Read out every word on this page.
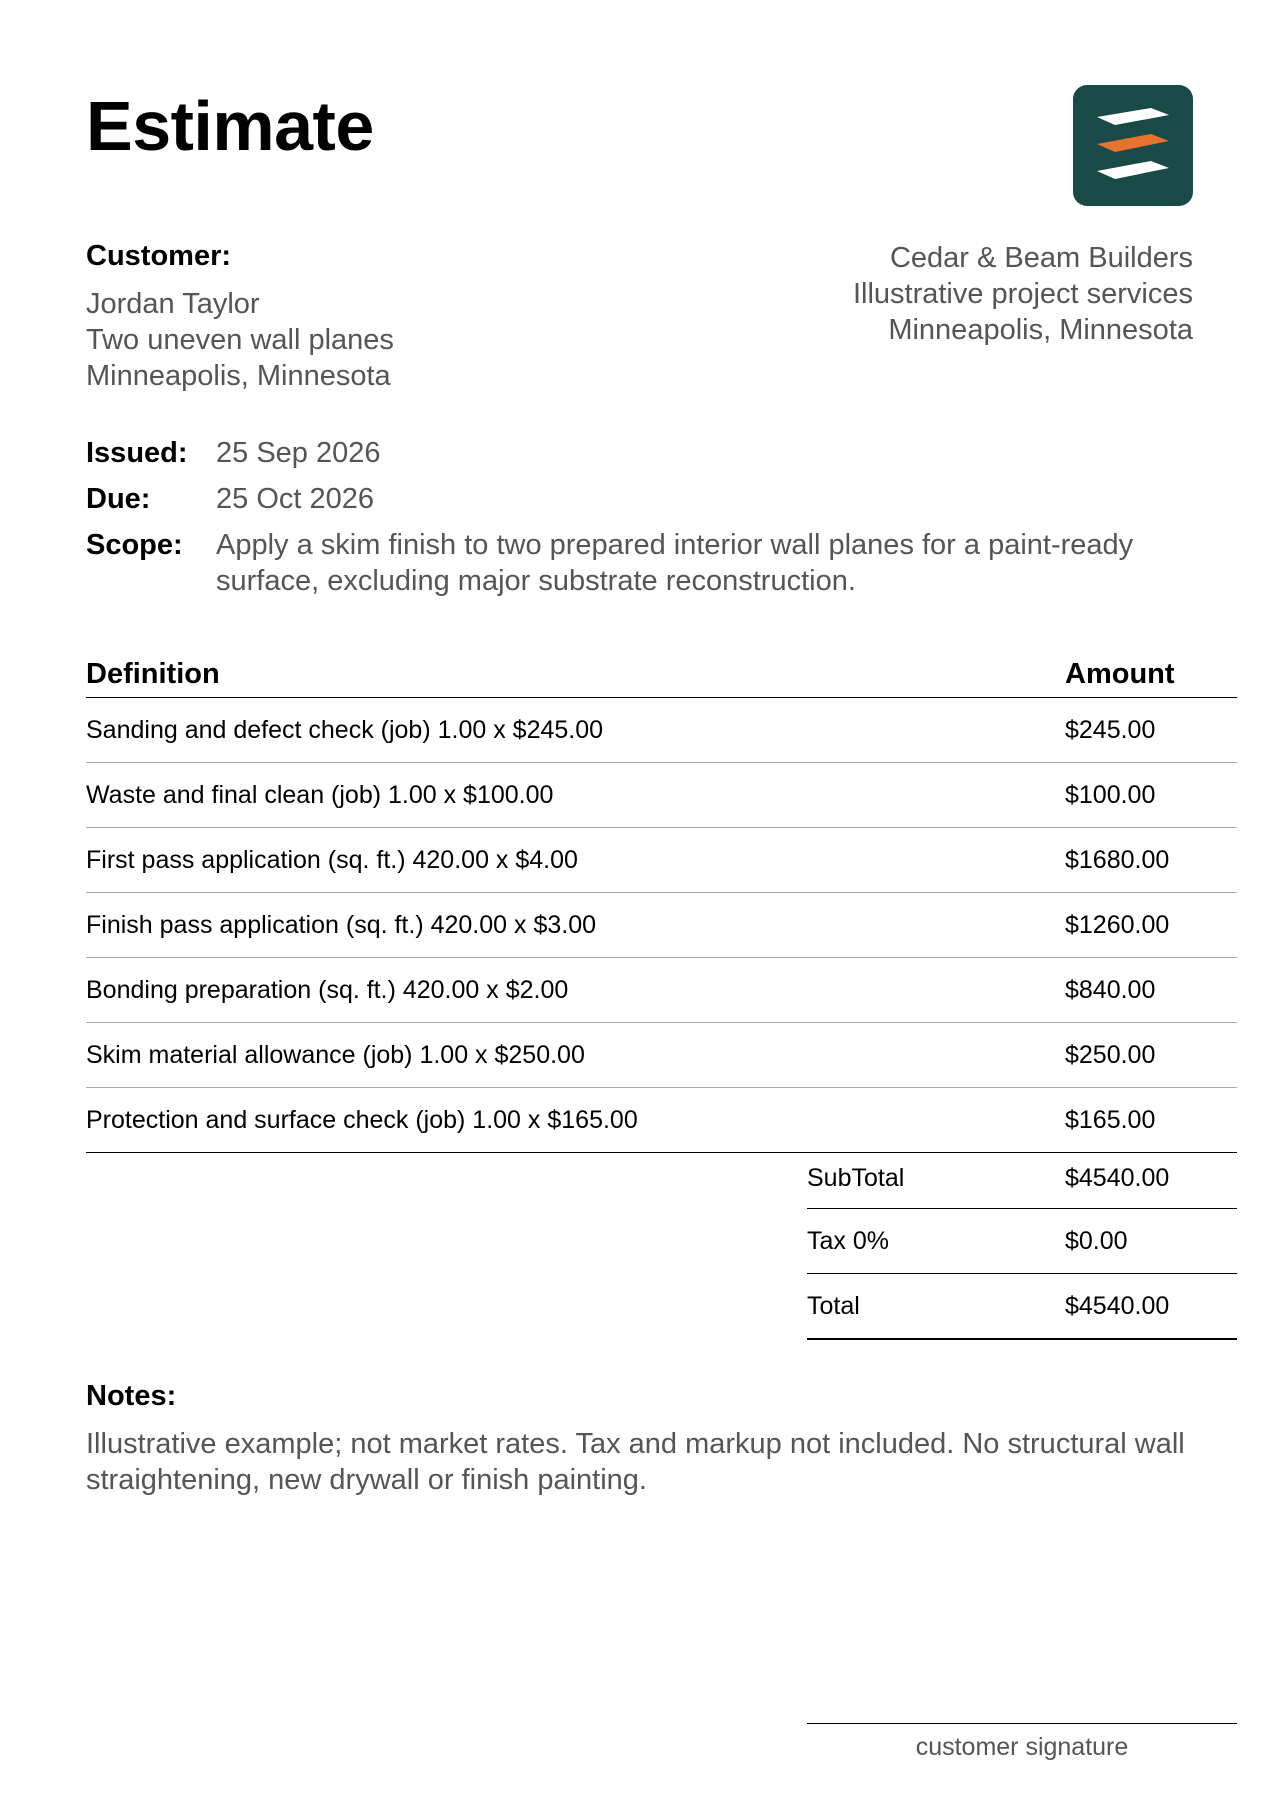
Estimate
Customer:
Jordan Taylor
Two uneven wall planes
Minneapolis, Minnesota
Cedar & Beam Builders
Illustrative project services
Minneapolis, Minnesota
Issued: 25 Sep 2026
Due:	25 Oct 2026
Scope:	Apply a skim finish to two prepared interior wall planes for a paint-ready surface, excluding major substrate reconstruction.
Definition	Amount
Sanding and defect check (job) 1.00 x $245.00	$245.00
Waste and final clean (job) 1.00 x $100.00	$100.00
First pass application (sq. ft.) 420.00 x $4.00	$1680.00
Finish pass application (sq. ft.) 420.00 x $3.00	$1260.00
Bonding preparation (sq. ft.) 420.00 x $2.00	$840.00
Skim material allowance (job) 1.00 x $250.00	$250.00
Protection and surface check (job) 1.00 x $165.00	$165.00
SubTotal	$4540.00
Tax 0%	$0.00
Total	$4540.00
Notes:
Illustrative example; not market rates. Tax and markup not included. No structural wall straightening, new drywall or finish painting.
customer signature
